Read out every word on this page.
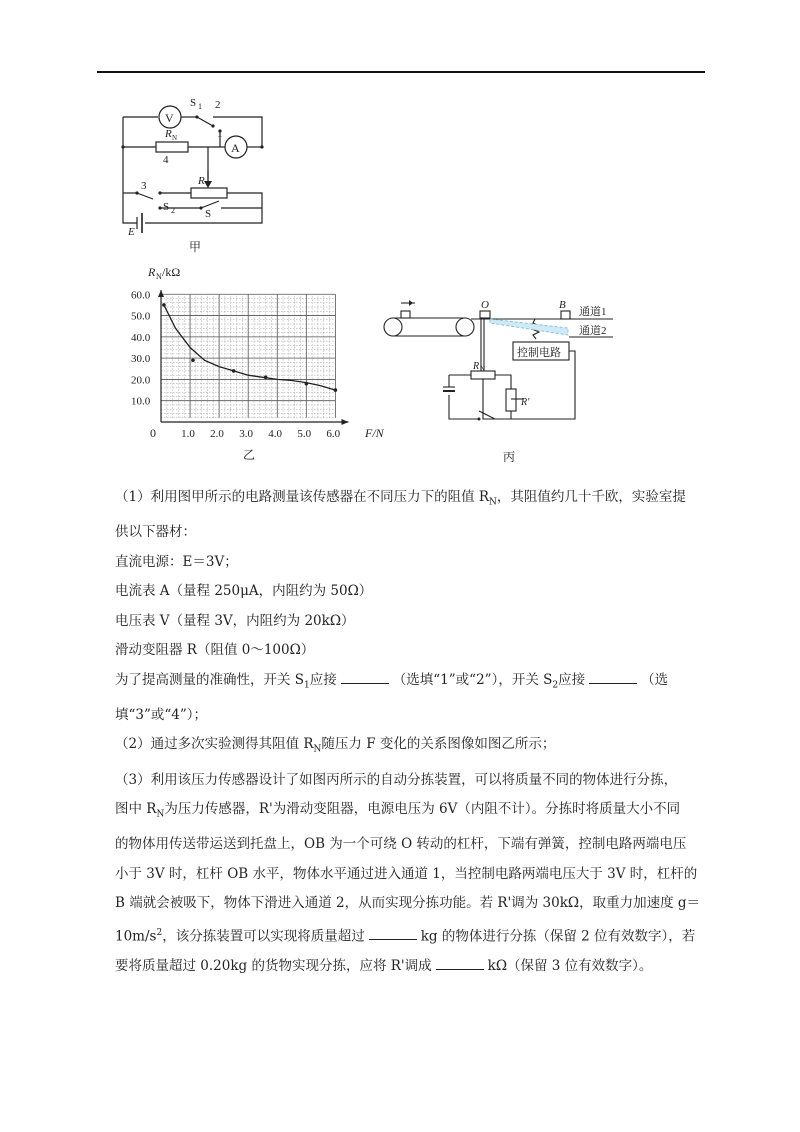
V
S 1 2
1
R N
A
4
R
3
S 2	S
E
甲
1.0 2.0 3.0 4.0 5.0 6.0
10.0
20.0
30.0
40.0
50.0
60.0
R N /kΩ
F/N
0
乙
O	B
通道1
通道2
控制电路
R N
R′
丙
（1）利用图甲所示的电路测量该传感器在不同压力下的阻值 $R_N$，其阻值约几十千欧，实验室提
供以下器材：
直流电源：E＝3V；
电流表 A（量程 250μA，内阻约为 50Ω）
电压表 V（量程 3V，内阻约为 20kΩ）
滑动变阻器 R（阻值 0～100Ω）
为了提高测量的准确性，开关 $S_1$应接	（选填“1”或“2”），开关 $S_2$应接	（选
填“3”或“4”）；
（2）通过多次实验测得其阻值 $R_N$随压力 F 变化的关系图像如图乙所示；
（3）利用该压力传感器设计了如图丙所示的自动分拣装置，可以将质量不同的物体进行分拣，
图中 $R_N$为压力传感器，R'为滑动变阻器，电源电压为 6V（内阻不计）。分拣时将质量大小不同
的物体用传送带运送到托盘上，OB 为一个可绕 O 转动的杠杆，下端有弹簧，控制电路两端电压
小于 3V 时，杠杆 OB 水平，物体水平通过进入通道 1，当控制电路两端电压大于 3V 时，杠杆的
B 端就会被吸下，物体下滑进入通道 2，从而实现分拣功能。若 R'调为 30kΩ，取重力加速度 g＝
$10m/s^2$，该分拣装置可以实现将质量超过	kg 的物体进行分拣（保留 2 位有效数字），若
要将质量超过 0.20kg 的货物实现分拣，应将 R'调成	kΩ（保留 3 位有效数字）。
